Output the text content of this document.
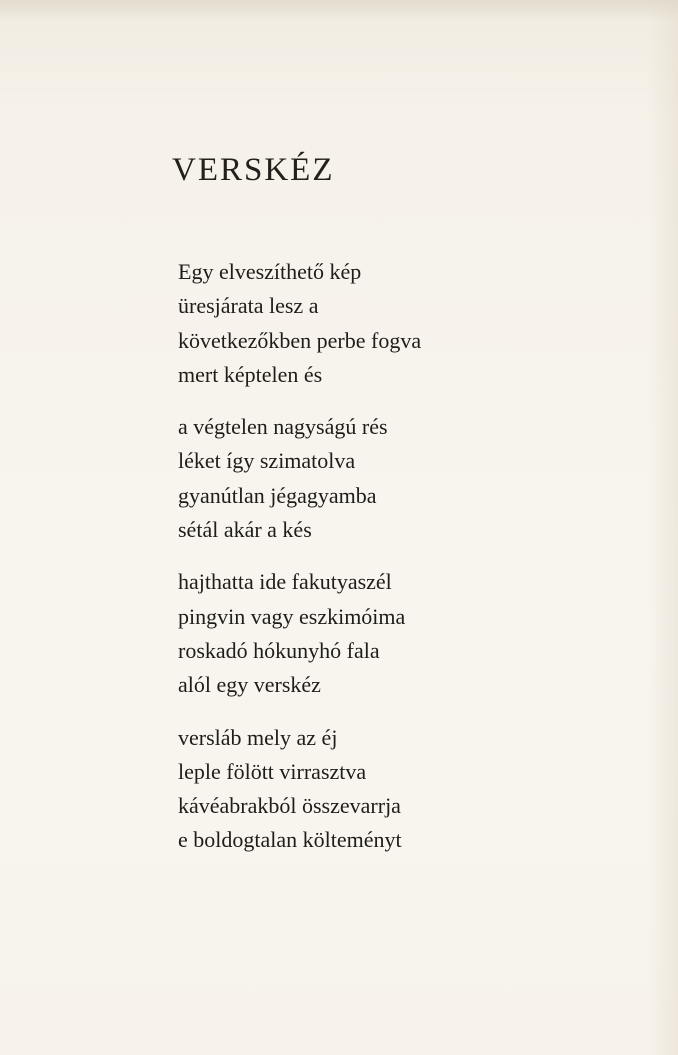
VERSKÉZ
Egy elveszíthető kép
üresjárata lesz a
következőkben perbe fogva
mert képtelen és
a végtelen nagyságú rés
léket így szimatolva
gyanútlan jégagyamba
sétál akár a kés
hajthatta ide fakutyaszél
pingvin vagy eszkimóima
roskadó hókunyhó fala
alól egy verskéz
versláb mely az éj
leple fölött virrasztva
kávéabrakból összevarrja
e boldogtalan költeményt
